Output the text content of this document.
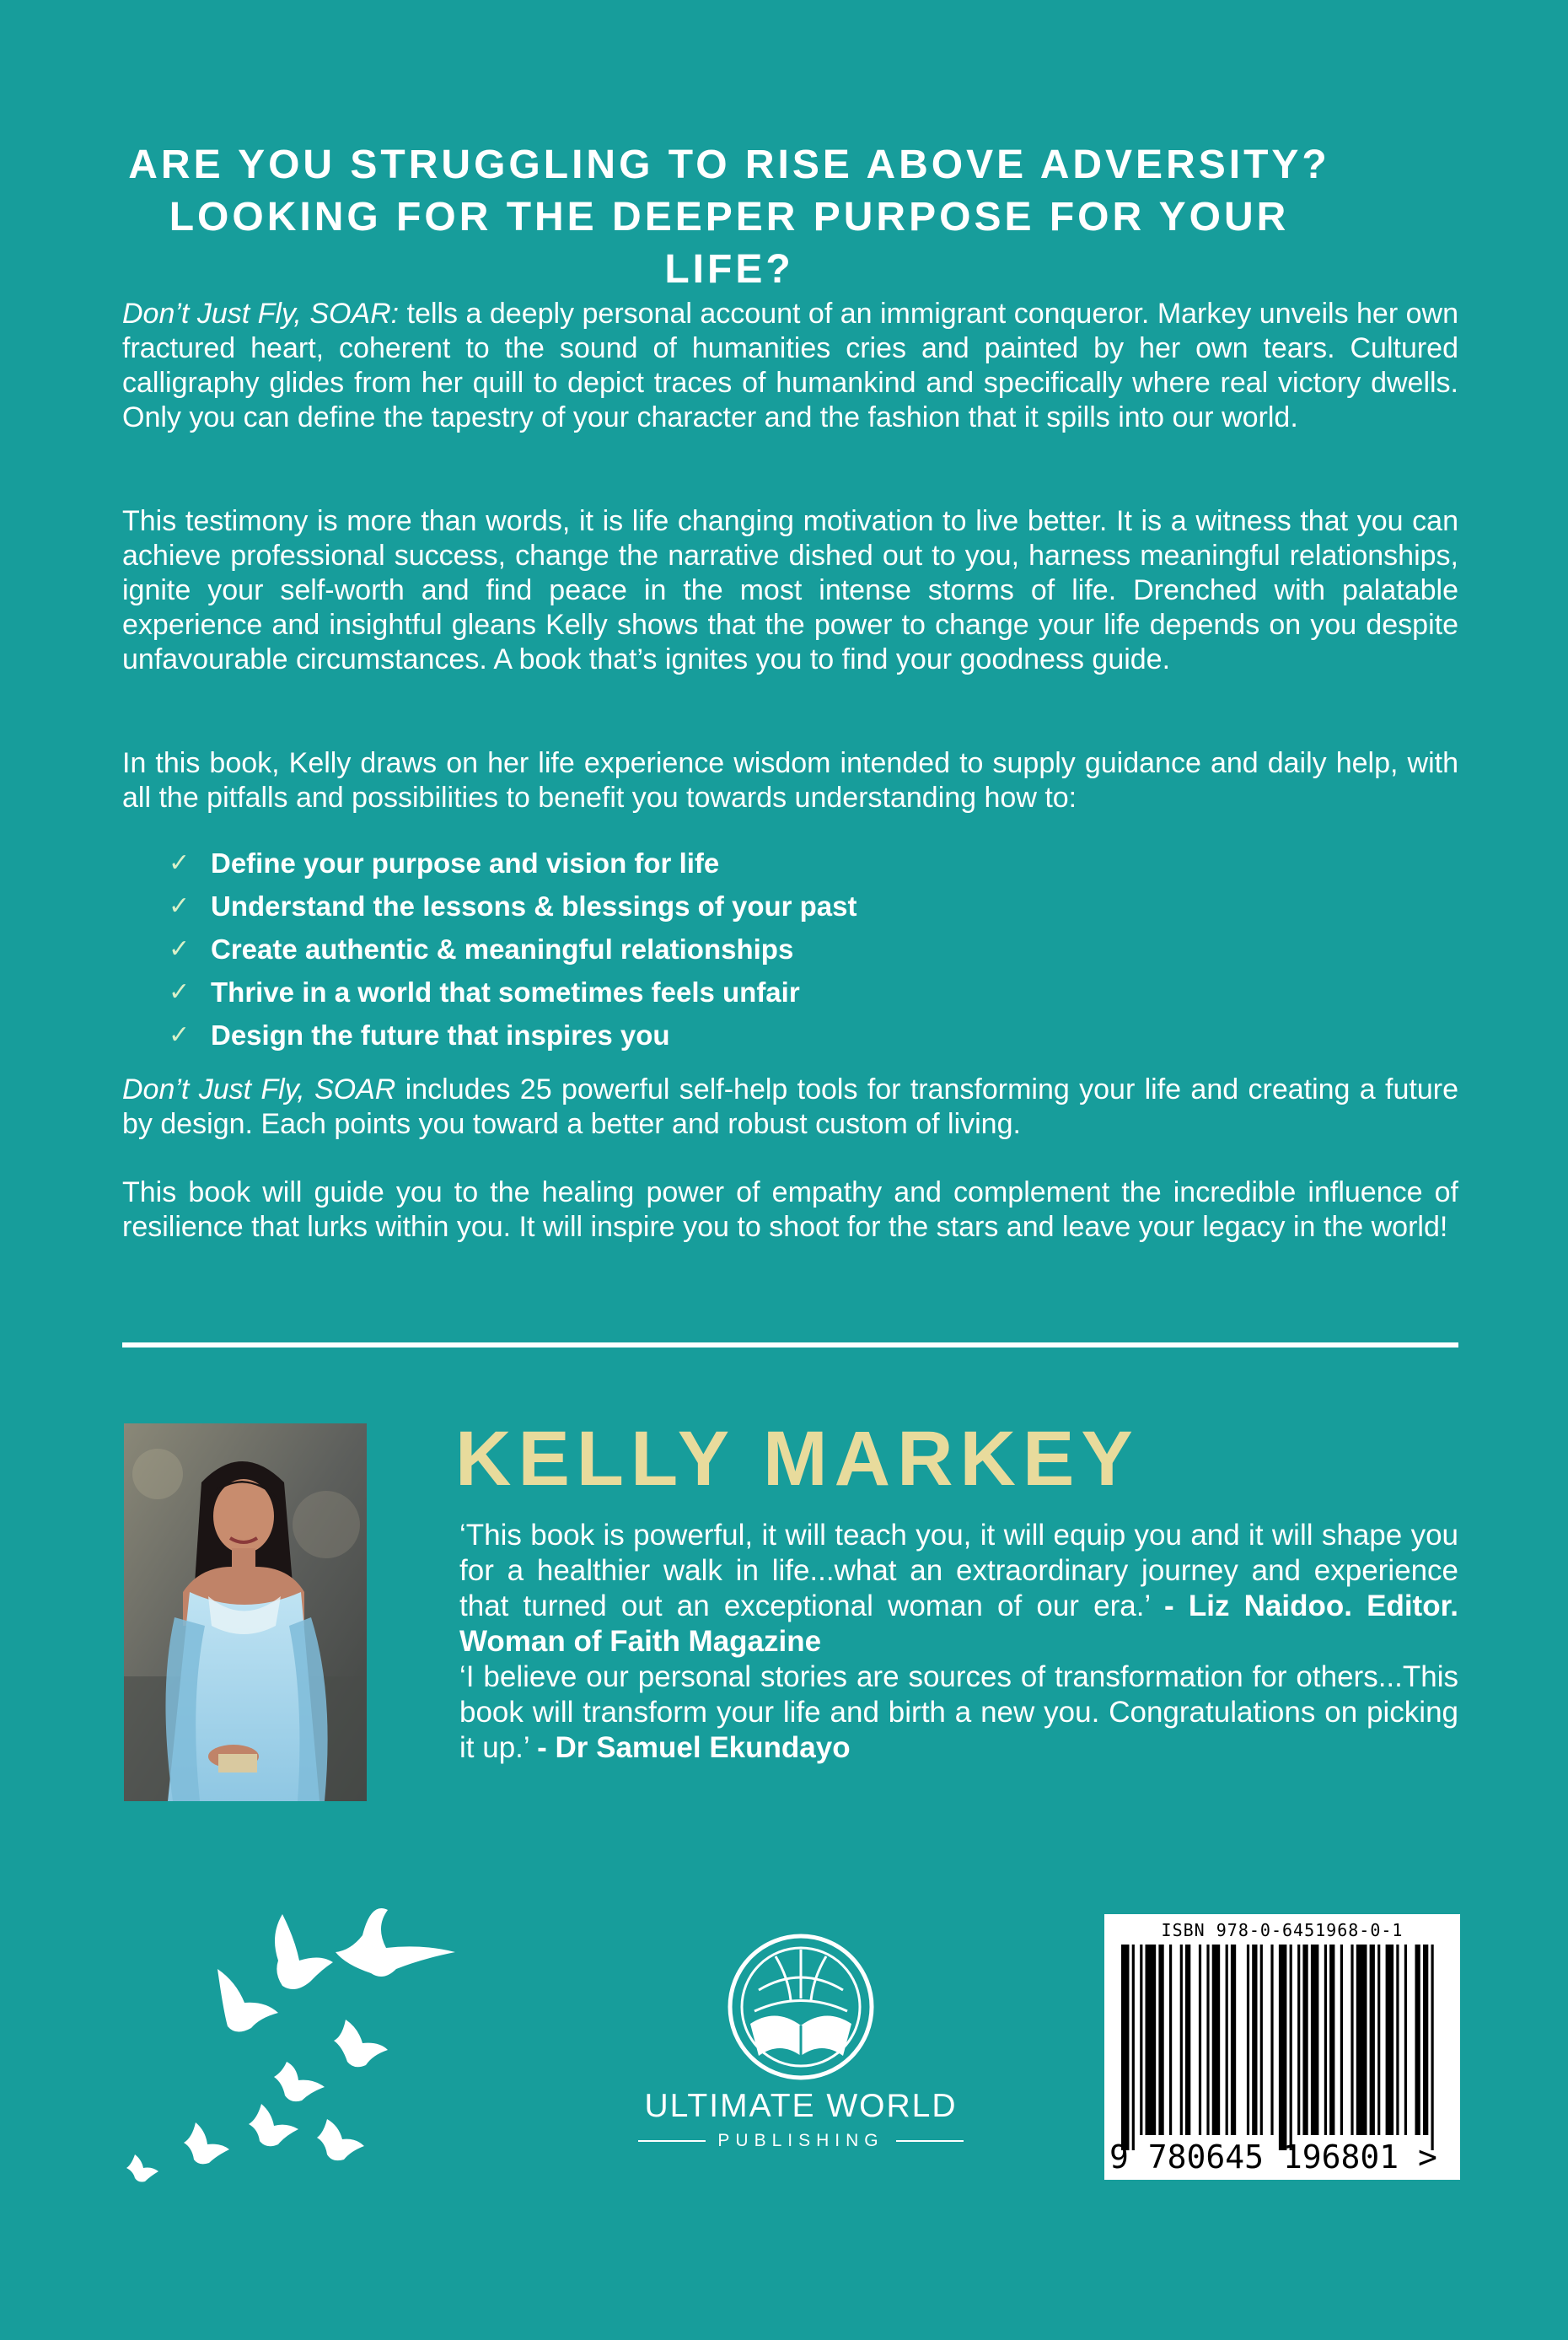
ARE YOU STRUGGLING TO RISE ABOVE ADVERSITY?
LOOKING FOR THE DEEPER PURPOSE FOR YOUR LIFE?
Don’t Just Fly, SOAR: tells a deeply personal account of an immigrant conqueror. Markey unveils her own fractured heart, coherent to the sound of humanities cries and painted by her own tears. Cultured calligraphy glides from her quill to depict traces of humankind and specifically where real victory dwells. Only you can define the tapestry of your character and the fashion that it spills into our world.
This testimony is more than words, it is life changing motivation to live better. It is a witness that you can achieve professional success, change the narrative dished out to you, harness meaningful relationships, ignite your self-worth and find peace in the most intense storms of life. Drenched with palatable experience and insightful gleans Kelly shows that the power to change your life depends on you despite unfavourable circumstances. A book that’s ignites you to find your goodness guide.
In this book, Kelly draws on her life experience wisdom intended to supply guidance and daily help, with all the pitfalls and possibilities to benefit you towards understanding how to:
✓ Define your purpose and vision for life
✓ Understand the lessons & blessings of your past
✓ Create authentic & meaningful relationships
✓ Thrive in a world that sometimes feels unfair
✓ Design the future that inspires you
Don’t Just Fly, SOAR includes 25 powerful self-help tools for transforming your life and creating a future by design. Each points you toward a better and robust custom of living.
This book will guide you to the healing power of empathy and complement the incredible influence of resilience that lurks within you. It will inspire you to shoot for the stars and leave your legacy in the world!
KELLY MARKEY
‘This book is powerful, it will teach you, it will equip you and it will shape you for a healthier walk in life...what an extraordinary journey and experience that turned out an exceptional woman of our era.’ - Liz Naidoo. Editor. Woman of Faith Magazine
‘I believe our personal stories are sources of transformation for others...This book will transform your life and birth a new you. Congratulations on picking it up.’ - Dr Samuel Ekundayo
ULTIMATE WORLD
PUBLISHING
ISBN 978-0-6451968-0-1
9 780645 196801 >
